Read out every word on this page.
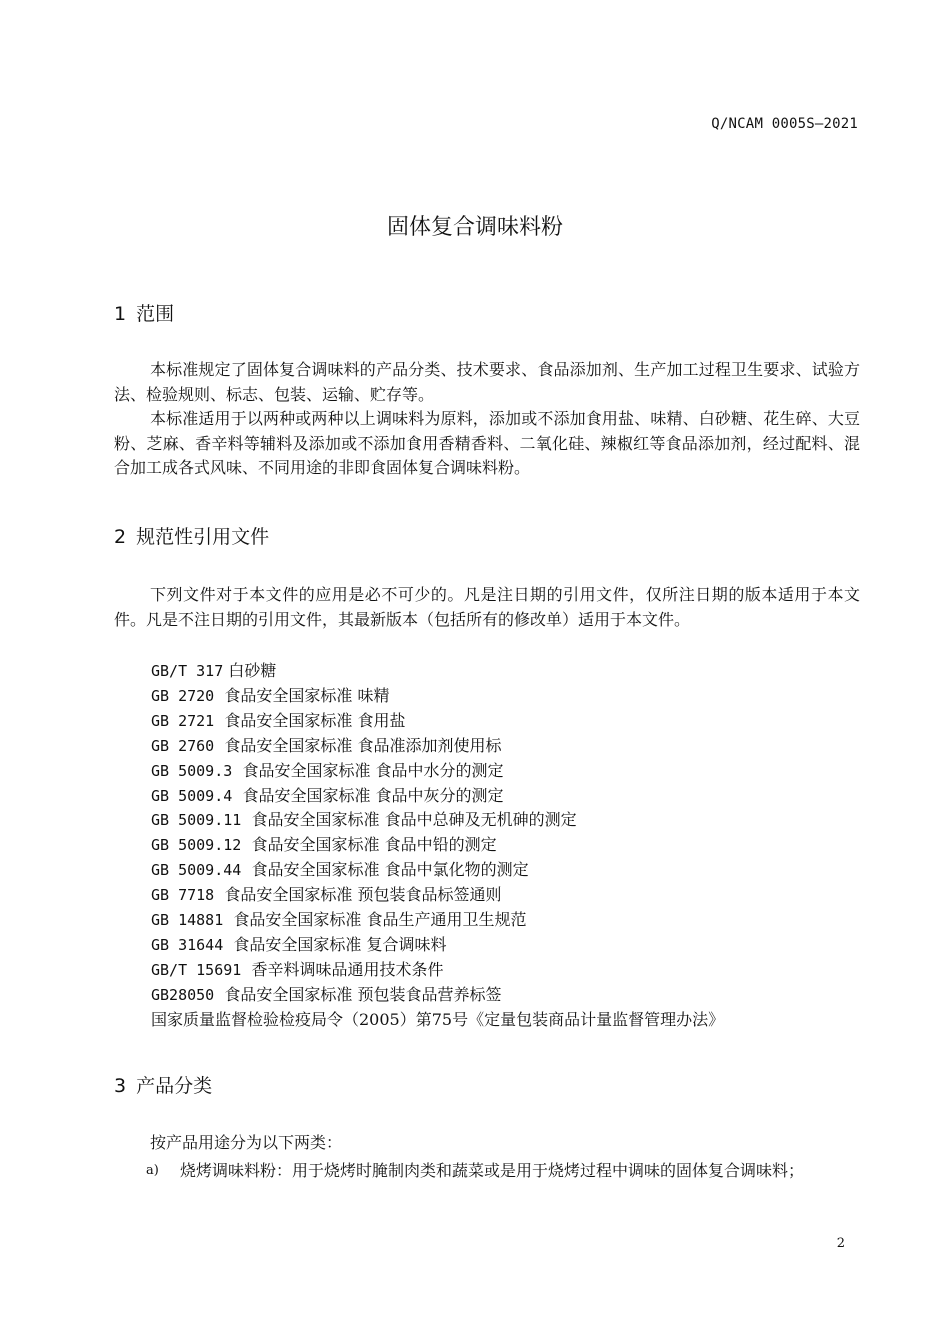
Q/NCAM 0005S—2021
固体复合调味料粉
1 范围
本标准规定了固体复合调味料的产品分类、技术要求、食品添加剂、生产加工过程卫生要求、试验方法、检验规则、标志、包装、运输、贮存等。
本标准适用于以两种或两种以上调味料为原料，添加或不添加食用盐、味精、白砂糖、花生碎、大豆粉、芝麻、香辛料等辅料及添加或不添加食用香精香料、二氧化硅、辣椒红等食品添加剂，经过配料、混合加工成各式风味、不同用途的非即食固体复合调味料粉。
2 规范性引用文件
下列文件对于本文件的应用是必不可少的。凡是注日期的引用文件，仅所注日期的版本适用于本文件。凡是不注日期的引用文件，其最新版本（包括所有的修改单）适用于本文件。
GB/T 317 白砂糖
GB 2720 食品安全国家标准 味精
GB 2721 食品安全国家标准 食用盐
GB 2760 食品安全国家标准 食品准添加剂使用标
GB 5009.3 食品安全国家标准 食品中水分的测定
GB 5009.4 食品安全国家标准 食品中灰分的测定
GB 5009.11 食品安全国家标准 食品中总砷及无机砷的测定
GB 5009.12 食品安全国家标准 食品中铅的测定
GB 5009.44 食品安全国家标准 食品中氯化物的测定
GB 7718 食品安全国家标准 预包装食品标签通则
GB 14881 食品安全国家标准 食品生产通用卫生规范
GB 31644 食品安全国家标准 复合调味料
GB/T 15691 香辛料调味品通用技术条件
GB28050 食品安全国家标准 预包装食品营养标签
国家质量监督检验检疫局令（2005）第75号《定量包装商品计量监督管理办法》
3 产品分类
按产品用途分为以下两类：
a) 烧烤调味料粉：用于烧烤时腌制肉类和蔬菜或是用于烧烤过程中调味的固体复合调味料；
2
